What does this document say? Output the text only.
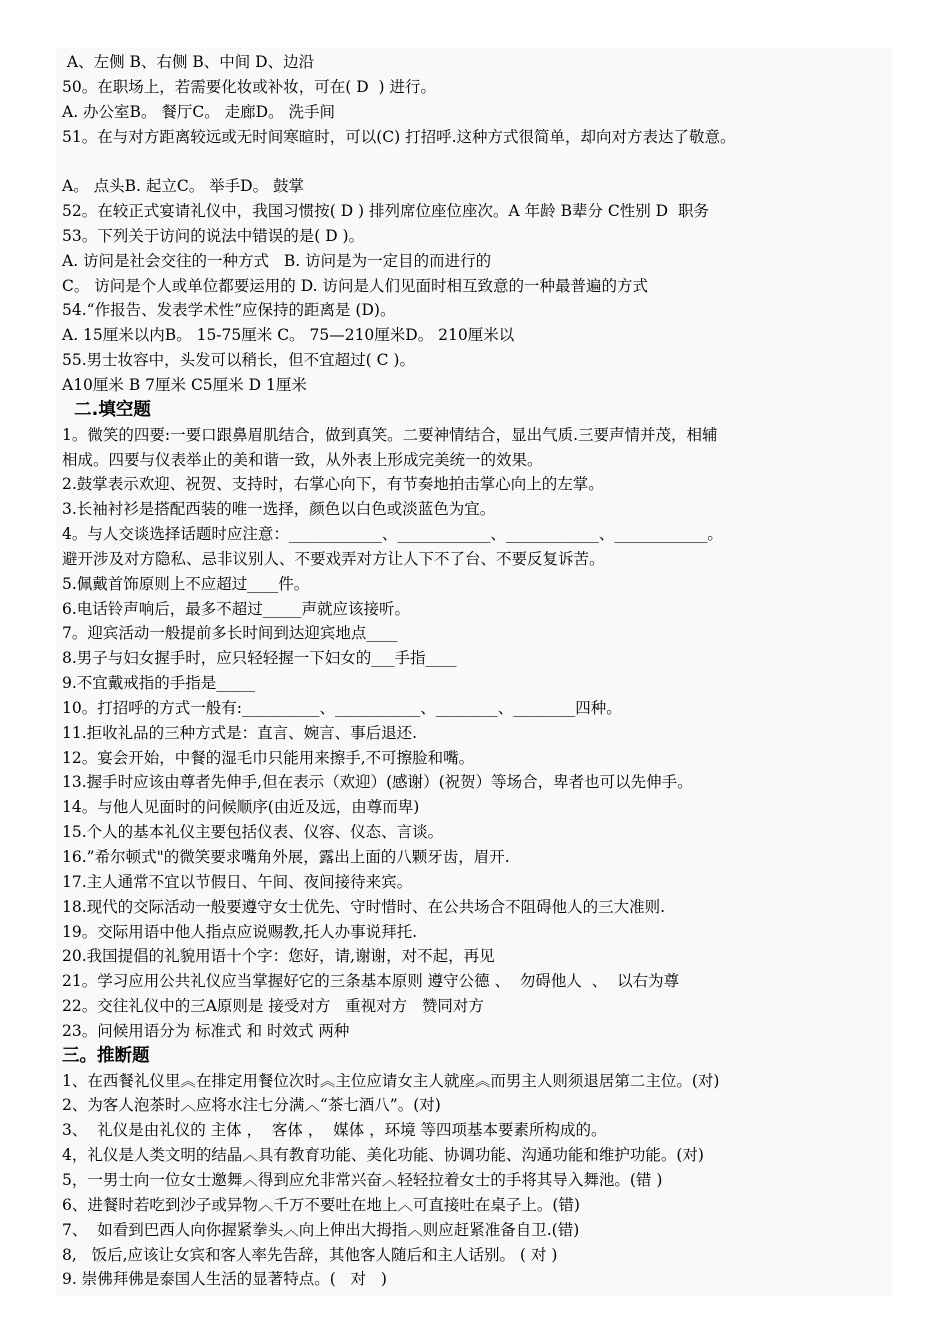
A、左侧 B、右侧 B、中间 D、边沿
50。在职场上，若需要化妆或补妆，可在( D  ) 进行。
A. 办公室B。 餐厅C。 走廊D。 洗手间
51。在与对方距离较远或无时间寒暄时，可以(C) 打招呼.这种方式很简单，却向对方表达了敬意。
A。 点头B. 起立C。 举手D。 鼓掌
52。在较正式宴请礼仪中，我国习惯按( D ) 排列席位座位座次。A 年龄 B辈分 C性别 D  职务
53。下列关于访问的说法中错误的是( D )。
A. 访问是社会交往的一种方式   B. 访问是为一定目的而进行的
C。 访问是个人或单位都要运用的 D. 访问是人们见面时相互致意的一种最普遍的方式
54.“作报告、发表学术性”应保持的距离是 (D)。
A. 15厘米以内B。 15-75厘米 C。 75—210厘米D。 210厘米以
55.男士妆容中，头发可以稍长，但不宜超过( C )。
A10厘米 B 7厘米 C5厘米 D 1厘米
二.填空题
1。微笑的四要:一要口跟鼻眉肌结合，做到真笑。二要神情结合，显出气质.三要声情并茂，相辅
相成。四要与仪表举止的美和谐一致，从外表上形成完美统一的效果。
2.鼓掌表示欢迎、祝贺、支持时，右掌心向下，有节奏地拍击掌心向上的左掌。
3.长袖衬衫是搭配西装的唯一选择，颜色以白色或淡蓝色为宜。
4。与人交谈选择话题时应注意：____________、____________、____________、____________。
避开涉及对方隐私、忌非议别人、不要戏弄对方让人下不了台、不要反复诉苦。
5.佩戴首饰原则上不应超过____件。
6.电话铃声响后，最多不超过_____声就应该接听。
7。迎宾活动一般提前多长时间到达迎宾地点____
8.男子与妇女握手时，应只轻轻握一下妇女的___手指____
9.不宜戴戒指的手指是_____
10。打招呼的方式一般有:__________、___________、________、________四种。
11.拒收礼品的三种方式是：直言、婉言、事后退还.
12。宴会开始，中餐的湿毛巾只能用来擦手,不可擦脸和嘴。
13.握手时应该由尊者先伸手,但在表示（欢迎）(感谢）(祝贺）等场合，卑者也可以先伸手。
14。与他人见面时的问候顺序(由近及远，由尊而卑)
15.个人的基本礼仪主要包括仪表、仪容、仪态、言谈。
16.”希尔顿式"的微笑要求嘴角外展，露出上面的八颗牙齿，眉开.
17.主人通常不宜以节假日、午间、夜间接待来宾。
18.现代的交际活动一般要遵守女士优先、守时惜时、在公共场合不阻碍他人的三大准则.
19。交际用语中他人指点应说赐教,托人办事说拜托.
20.我国提倡的礼貌用语十个字：您好，请,谢谢，对不起，再见
21。学习应用公共礼仪应当掌握好它的三条基本原则 遵守公德 、  勿碍他人  、  以右为尊
22。交往礼仪中的三A原则是 接受对方   重视对方   赞同对方
23。问候用语分为 标准式 和 时效式 两种
三。推断题
1、在西餐礼仪里︽在排定用餐位次时︽主位应请女主人就座︽而男主人则须退居第二主位。(对)
2、为客人泡茶时︿应将水注七分满︿“茶七酒八”。(对)
3、  礼仪是由礼仪的 主体 ，  客体 ，  媒体 ，环境 等四项基本要素所构成的。
4，礼仪是人类文明的结晶︿具有教育功能、美化功能、协调功能、沟通功能和维护功能。(对)
5，一男士向一位女士邀舞︿得到应允非常兴奋︿轻轻拉着女士的手将其导入舞池。(错 )
6、进餐时若吃到沙子或异物︿千万不要吐在地上︿可直接吐在桌子上。(错)
7、  如看到巴西人向你握紧拳头︿向上伸出大拇指︿则应赶紧准备自卫.(错)
8,   饭后,应该让女宾和客人率先告辞，其他客人随后和主人话别。 ( 对 )
9. 崇佛拜佛是泰国人生活的显著特点。(   对   )
